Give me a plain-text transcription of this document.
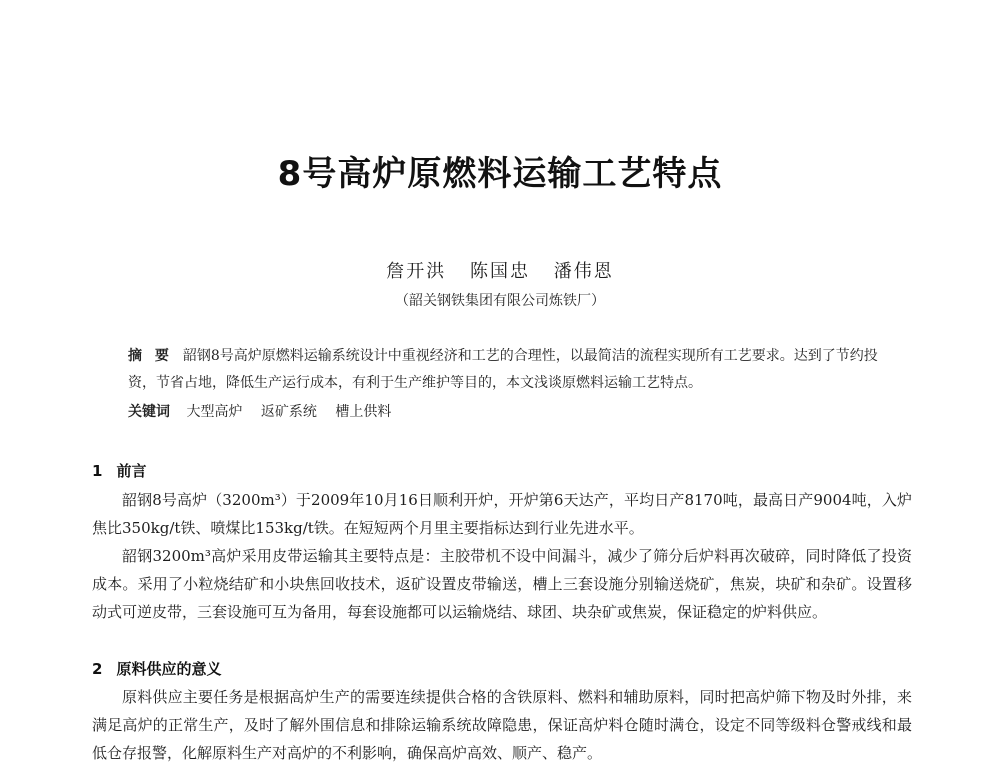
8号高炉原燃料运输工艺特点
詹开洪 陈国忠 潘伟恩
（韶关钢铁集团有限公司炼铁厂）
摘 要 韶钢8号高炉原燃料运输系统设计中重视经济和工艺的合理性，以最简洁的流程实现所有工艺要求。达到了节约投资，节省占地，降低生产运行成本，有利于生产维护等目的，本文浅谈原燃料运输工艺特点。
关键词 大型高炉 返矿系统 槽上供料
1 前言

韶钢8号高炉（3200m³）于2009年10月16日顺利开炉，开炉第6天达产，平均日产8170吨，最高日产9004吨，入炉焦比350kg/t铁、喷煤比153kg/t铁。在短短两个月里主要指标达到行业先进水平。

韶钢3200m³高炉采用皮带运输其主要特点是：主胶带机不设中间漏斗，减少了筛分后炉料再次破碎，同时降低了投资成本。采用了小粒烧结矿和小块焦回收技术，返矿设置皮带输送，槽上三套设施分别输送烧矿，焦炭，块矿和杂矿。设置移动式可逆皮带，三套设施可互为备用，每套设施都可以运输烧结、球团、块杂矿或焦炭，保证稳定的炉料供应。

2 原料供应的意义

原料供应主要任务是根据高炉生产的需要连续提供合格的含铁原料、燃料和辅助原料，同时把高炉筛下物及时外排，来满足高炉的正常生产，及时了解外围信息和排除运输系统故障隐患，保证高炉料仓随时满仓，设定不同等级料仓警戒线和最低仓存报警，化解原料生产对高炉的不利影响，确保高炉高效、顺产、稳产。
